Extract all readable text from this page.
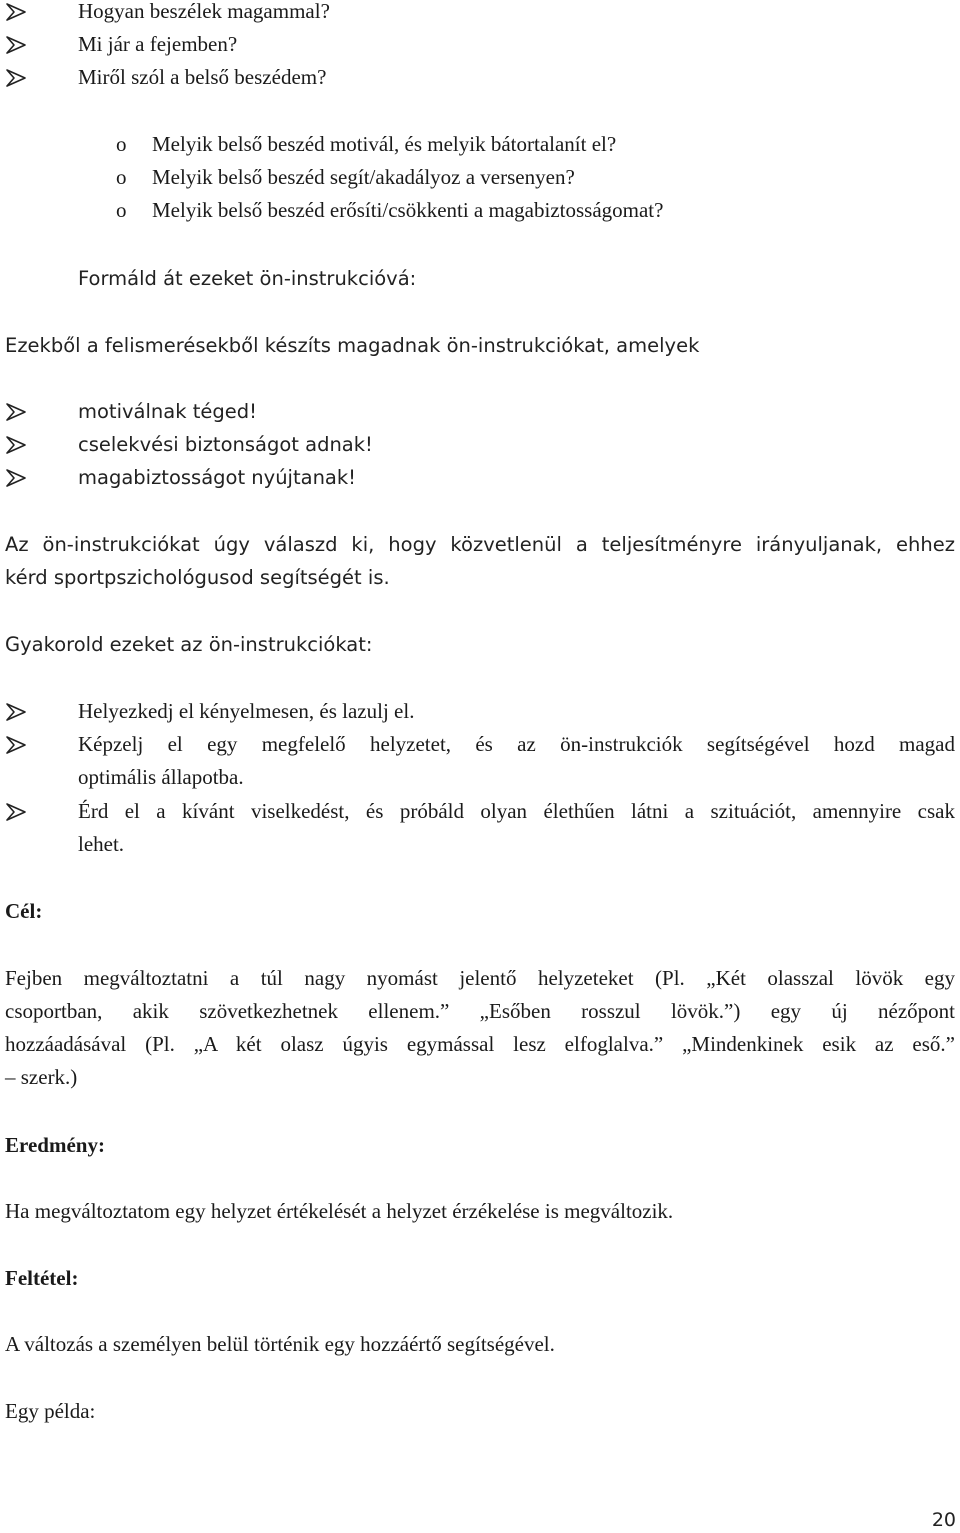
Hogyan beszélek magammal?
Mi jár a fejemben?
Miről szól a belső beszédem?
o Melyik belső beszéd motivál, és melyik bátortalanít el?
o Melyik belső beszéd segít/akadályoz a versenyen?
o Melyik belső beszéd erősíti/csökkenti a magabiztosságomat?
Formáld át ezeket ön-instrukcióvá:
Ezekből a felismerésekből készíts magadnak ön-instrukciókat, amelyek
motiválnak téged!
cselekvési biztonságot adnak!
magabiztosságot nyújtanak!
Az ön-instrukciókat úgy válaszd ki, hogy közvetlenül a teljesítményre irányuljanak, ehhez
kérd sportpszichológusod segítségét is.
Gyakorold ezeket az ön-instrukciókat:
Helyezkedj el kényelmesen, és lazulj el.
Képzelj el egy megfelelő helyzetet, és az ön-instrukciók segítségével hozd magad
optimális állapotba.
Érd el a kívánt viselkedést, és próbáld olyan élethűen látni a szituációt, amennyire csak
lehet.
Cél:
Fejben megváltoztatni a túl nagy nyomást jelentő helyzeteket (Pl. „Két olasszal lövök egy
csoportban, akik szövetkezhetnek ellenem.” „Esőben rosszul lövök.”) egy új nézőpont
hozzáadásával (Pl. „A két olasz úgyis egymással lesz elfoglalva.” „Mindenkinek esik az eső.”
– szerk.)
Eredmény:
Ha megváltoztatom egy helyzet értékelését a helyzet érzékelése is megváltozik.
Feltétel:
A változás a személyen belül történik egy hozzáértő segítségével.
Egy példa:
20
